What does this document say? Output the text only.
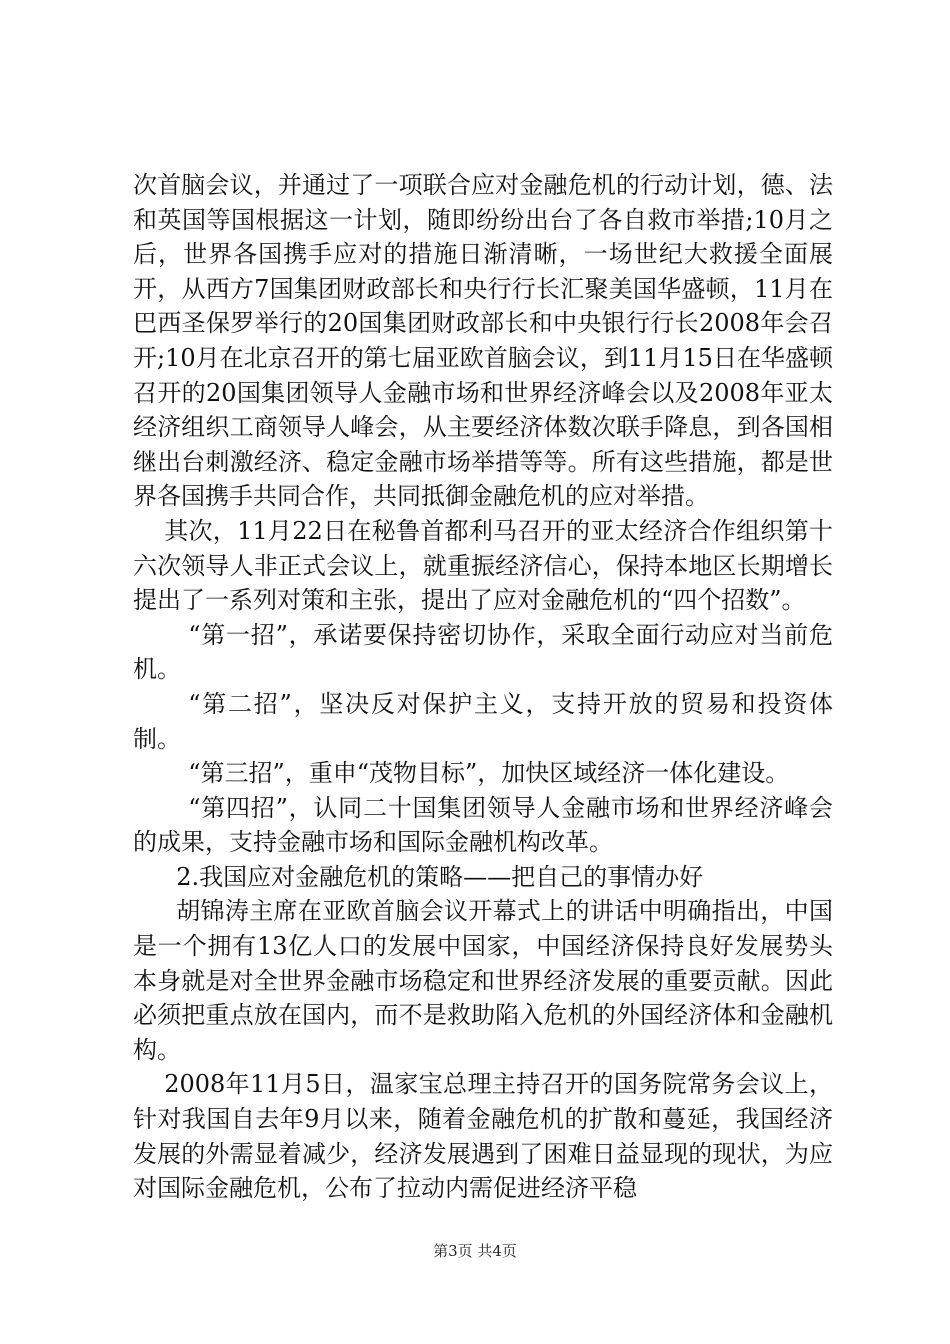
次首脑会议，并通过了一项联合应对金融危机的行动计划，德、法和英国等国根据这一计划，随即纷纷出台了各自救市举措;10月之后，世界各国携手应对的措施日渐清晰，一场世纪大救援全面展开，从西方7国集团财政部长和央行行长汇聚美国华盛顿，11月在巴西圣保罗举行的20国集团财政部长和中央银行行长2008年会召开;10月在北京召开的第七届亚欧首脑会议，到11月15日在华盛顿召开的20国集团领导人金融市场和世界经济峰会以及2008年亚太经济组织工商领导人峰会，从主要经济体数次联手降息，到各国相继出台刺激经济、稳定金融市场举措等等。所有这些措施，都是世界各国携手共同合作，共同抵御金融危机的应对举措。

其次，11月22日在秘鲁首都利马召开的亚太经济合作组织第十六次领导人非正式会议上，就重振经济信心，保持本地区长期增长提出了一系列对策和主张，提出了应对金融危机的“四个招数”。

“第一招”，承诺要保持密切协作，采取全面行动应对当前危机。

“第二招”，坚决反对保护主义，支持开放的贸易和投资体制。

“第三招”，重申“茂物目标”，加快区域经济一体化建设。

“第四招”，认同二十国集团领导人金融市场和世界经济峰会的成果，支持金融市场和国际金融机构改革。

2.我国应对金融危机的策略——把自己的事情办好

胡锦涛主席在亚欧首脑会议开幕式上的讲话中明确指出，中国是一个拥有13亿人口的发展中国家，中国经济保持良好发展势头本身就是对全世界金融市场稳定和世界经济发展的重要贡献。因此必须把重点放在国内，而不是救助陷入危机的外国经济体和金融机构。

2008年11月5日，温家宝总理主持召开的国务院常务会议上，针对我国自去年9月以来，随着金融危机的扩散和蔓延，我国经济发展的外需显着减少，经济发展遇到了困难日益显现的现状，为应对国际金融危机，公布了拉动内需促进经济平稳

第3页 共4页
